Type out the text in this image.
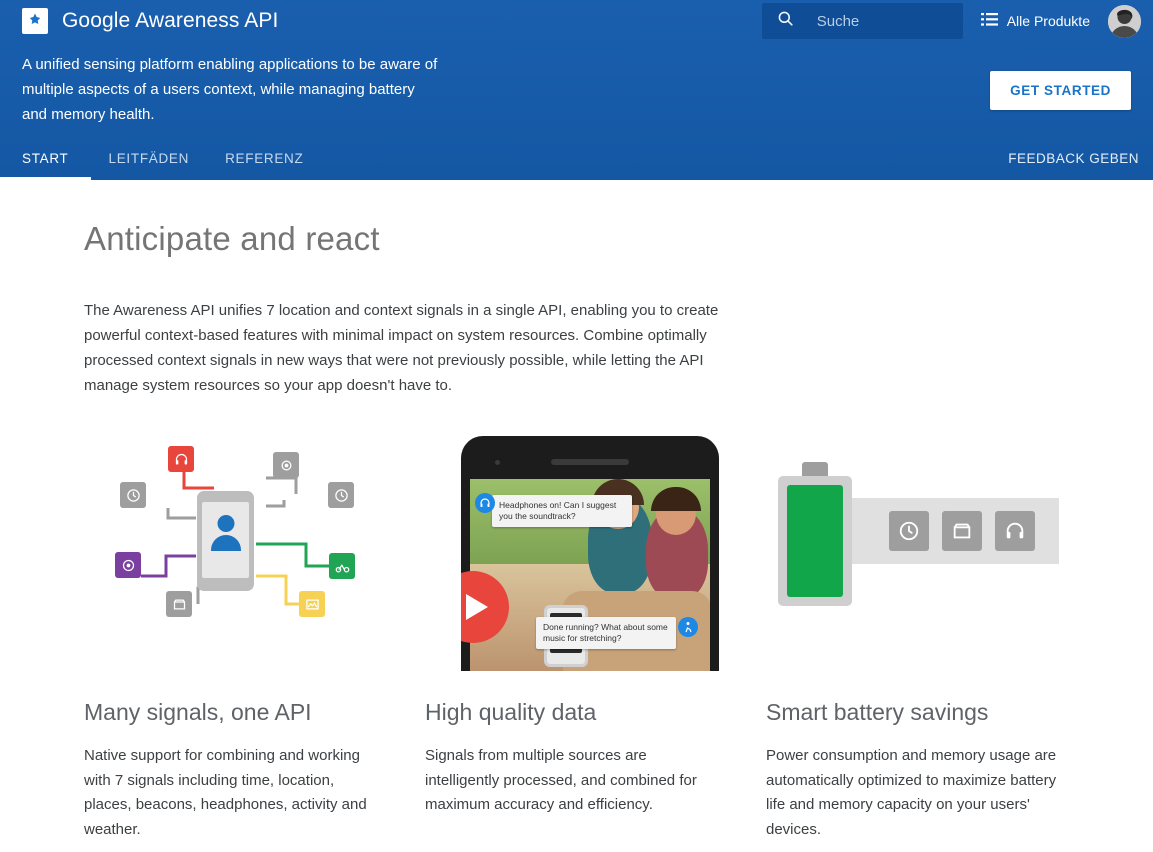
Google Awareness API
Suche	Alle Produkte
A unified sensing platform enabling applications to be aware of multiple aspects of a users context, while managing battery and memory health.
GET STARTED
START	LEITFÄDEN	REFERENZ	FEEDBACK GEBEN
Anticipate and react

The Awareness API unifies 7 location and context signals in a single API, enabling you to create powerful context-based features with minimal impact on system resources. Combine optimally processed context signals in new ways that were not previously possible, while letting the API manage system resources so your app doesn't have to.

Many signals, one API

Native support for combining and working with 7 signals including time, location, places, beacons, headphones, activity and weather.

Headphones on! Can I suggest you the soundtrack?
Done running? What about some music for stretching?
High quality data

Signals from multiple sources are intelligently processed, and combined for maximum accuracy and efficiency.

Smart battery savings

Power consumption and memory usage are automatically optimized to maximize battery life and memory capacity on your users' devices.
